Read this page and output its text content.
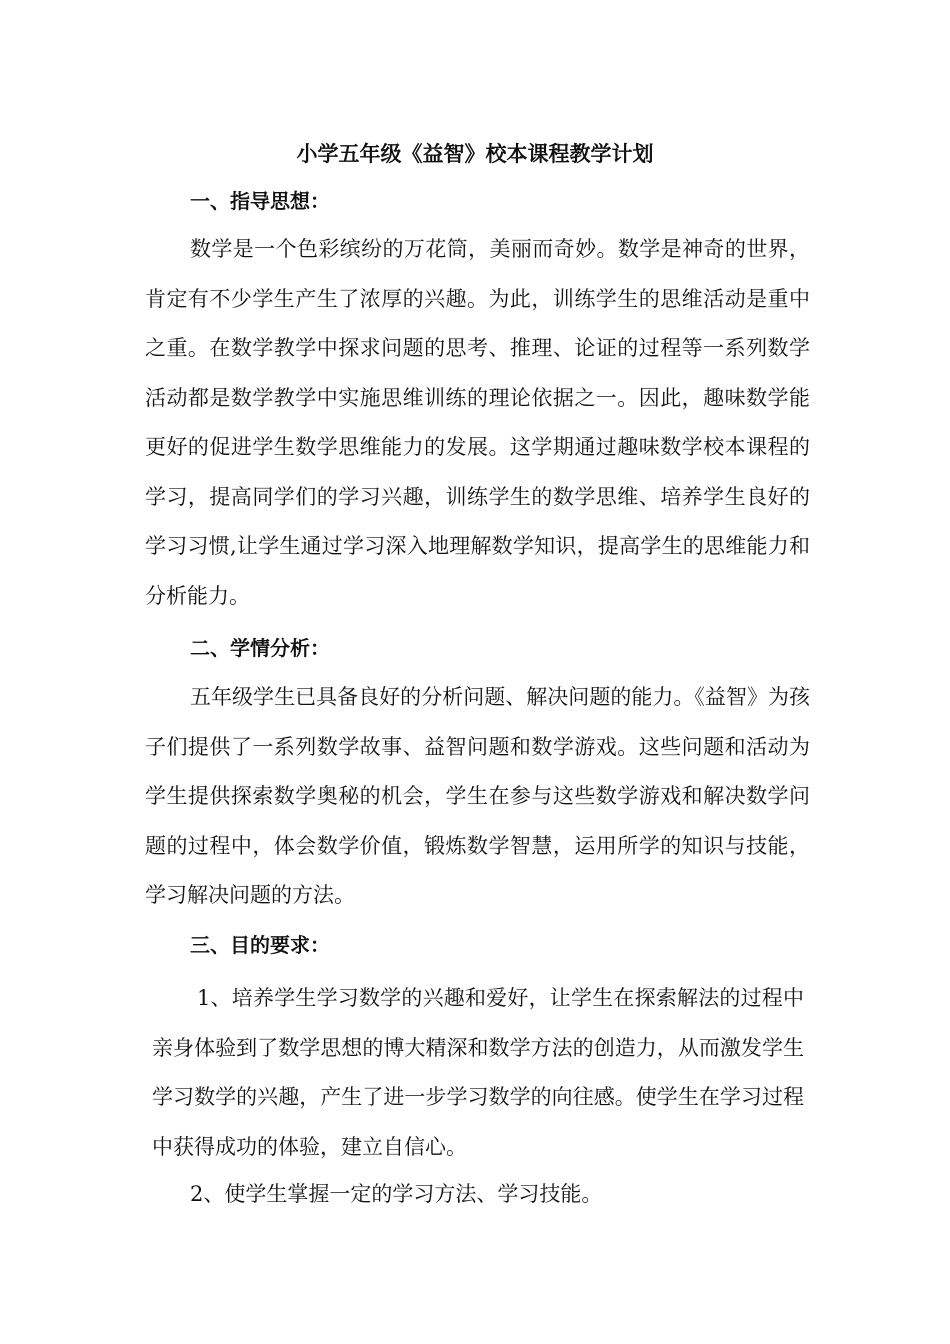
小学五年级《益智》校本课程教学计划
一、指导思想：

数学是一个色彩缤纷的万花筒，美丽而奇妙。数学是神奇的世界，肯定有不少学生产生了浓厚的兴趣。为此，训练学生的思维活动是重中之重。在数学教学中探求问题的思考、推理、论证的过程等一系列数学活动都是数学教学中实施思维训练的理论依据之一。因此，趣味数学能更好的促进学生数学思维能力的发展。这学期通过趣味数学校本课程的学习，提高同学们的学习兴趣，训练学生的数学思维、培养学生良好的学习习惯,让学生通过学习深入地理解数学知识，提高学生的思维能力和分析能力。

二、学情分析：

五年级学生已具备良好的分析问题、解决问题的能力。《益智》为孩子们提供了一系列数学故事、益智问题和数学游戏。这些问题和活动为学生提供探索数学奥秘的机会，学生在参与这些数学游戏和解决数学问题的过程中，体会数学价值，锻炼数学智慧，运用所学的知识与技能，学习解决问题的方法。

三、目的要求：

1、培养学生学习数学的兴趣和爱好，让学生在探索解法的过程中亲身体验到了数学思想的博大精深和数学方法的创造力，从而激发学生学习数学的兴趣，产生了进一步学习数学的向往感。使学生在学习过程中获得成功的体验，建立自信心。

2、使学生掌握一定的学习方法、学习技能。
